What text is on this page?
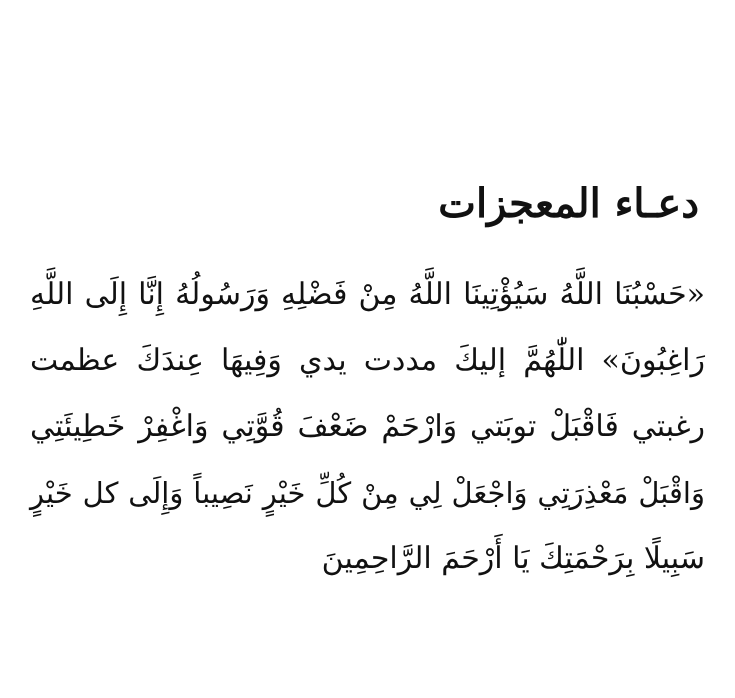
دعـاء المعجزات
«حَسْبُنَا اللَّهُ سَيُؤْتِينَا اللَّهُ مِنْ فَضْلِهِ وَرَسُولُهُ إِنَّا إِلَى اللَّهِ
رَاغِبُونَ» اللّٰهُمَّ إليكَ مددت يدي وَفِيهَا عِندَكَ عظمت
رغبتي فَاقْبَلْ توبَتي وَارْحَمْ ضَعْفَ قُوَّتِي وَاغْفِرْ خَطِيئَتِي
وَاقْبَلْ مَعْذِرَتِي وَاجْعَلْ لِي مِنْ كُلِّ خَيْرٍ نَصِيباً وَإِلَى كل خَيْرٍ
سَبِيلًا بِرَحْمَتِكَ يَا أَرْحَمَ الرَّاحِمِينَ
